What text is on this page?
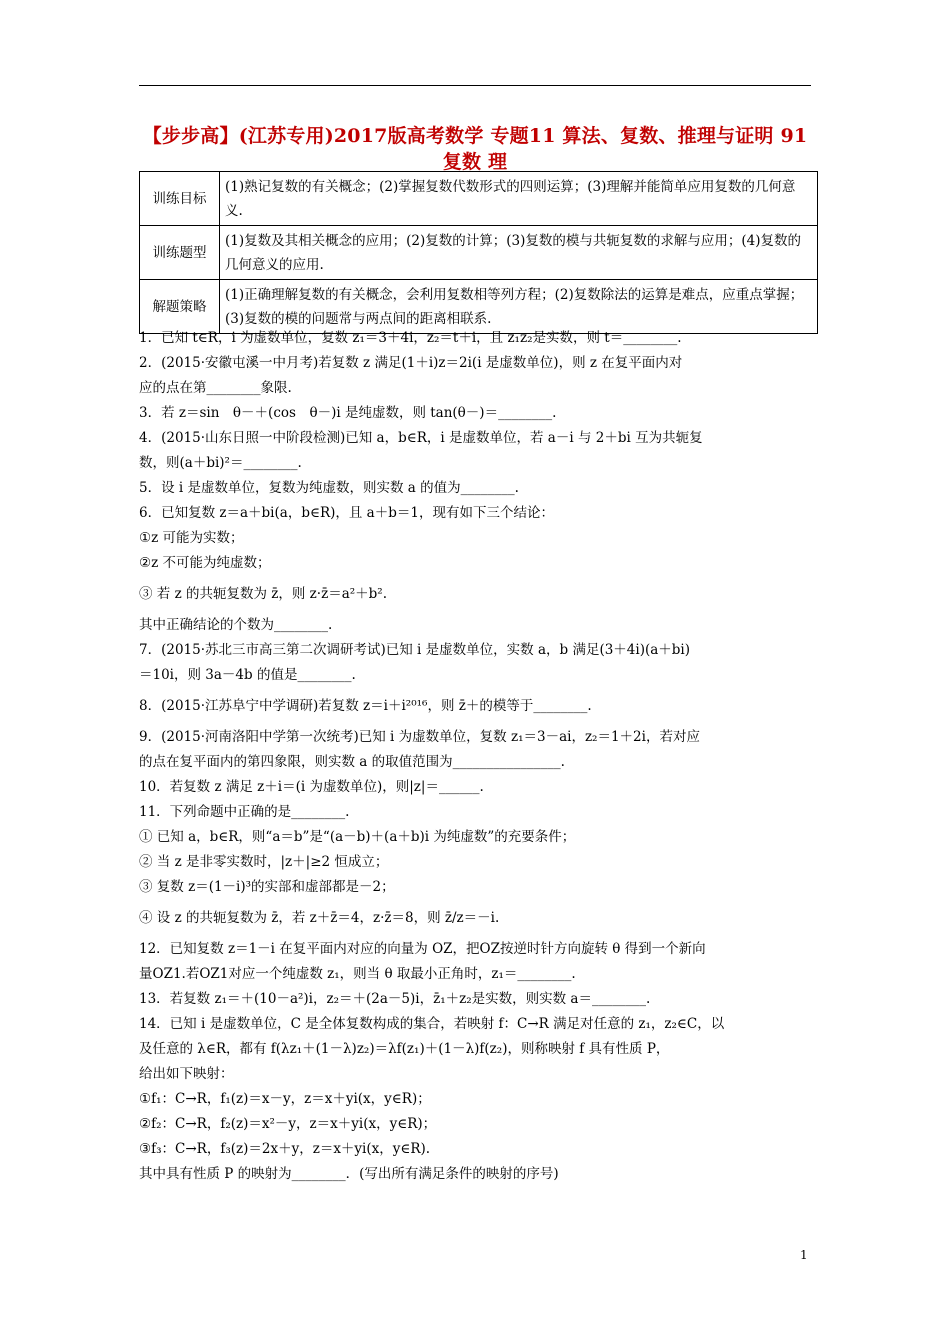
【步步高】(江苏专用)2017版高考数学 专题11 算法、复数、推理与证明 91 复数 理
训练目标	(1)熟记复数的有关概念；(2)掌握复数代数形式的四则运算；(3)理解并能简单应用复数的几何意义.
训练题型	(1)复数及其相关概念的应用；(2)复数的计算；(3)复数的模与共轭复数的求解与应用；(4)复数的几何意义的应用.
解题策略	(1)正确理解复数的有关概念，会利用复数相等列方程；(2)复数除法的运算是难点，应重点掌握；(3)复数的模的问题常与两点间的距离相联系.

1．已知 t∈R，i 为虚数单位，复数 z₁＝3＋4i，z₂＝t＋i，且 z₁z₂是实数，则 t＝________.

2．(2015·安徽屯溪一中月考)若复数 z 满足(1＋i)z＝2i(i 是虚数单位)，则 z 在复平面内对

应的点在第________象限.

3．若 z＝sin　θ－＋(cos　θ－)i 是纯虚数，则 tan(θ－)＝________.

4．(2015·山东日照一中阶段检测)已知 a，b∈R，i 是虚数单位，若 a－i 与 2＋bi 互为共轭复

数，则(a＋bi)²＝________.

5．设 i 是虚数单位，复数为纯虚数，则实数 a 的值为________.

6．已知复数 z＝a＋bi(a，b∈R)，且 a＋b＝1，现有如下三个结论：

①z 可能为实数；

②z 不可能为纯虚数；

③ 若 z 的共轭复数为 z̄，则 z·z̄＝a²＋b².

其中正确结论的个数为________.

7．(2015·苏北三市高三第二次调研考试)已知 i 是虚数单位，实数 a，b 满足(3＋4i)(a＋bi)

＝10i，则 3a－4b 的值是________.

8．(2015·江苏阜宁中学调研)若复数 z＝i＋i²⁰¹⁶，则 z̄＋的模等于________.

9．(2015·河南洛阳中学第一次统考)已知 i 为虚数单位，复数 z₁＝3－ai，z₂＝1＋2i，若对应

的点在复平面内的第四象限，则实数 a 的取值范围为________________.

10．若复数 z 满足 z＋i＝(i 为虚数单位)，则|z|＝______.

11．下列命题中正确的是________.

① 已知 a，b∈R，则“a＝b”是“(a－b)＋(a＋b)i 为纯虚数”的充要条件；

② 当 z 是非零实数时，|z＋|≥2 恒成立；

③ 复数 z＝(1－i)³的实部和虚部都是－2；

④ 设 z 的共轭复数为 z̄，若 z＋z̄＝4，z·z̄＝8，则 z̄/z＝－i.

12．已知复数 z＝1－i 在复平面内对应的向量为 OZ，把OZ按逆时针方向旋转 θ 得到一个新向

量OZ1.若OZ1对应一个纯虚数 z₁，则当 θ 取最小正角时，z₁＝________.

13．若复数 z₁＝＋(10－a²)i，z₂＝＋(2a－5)i，z̄₁＋z₂是实数，则实数 a＝________.

14．已知 i 是虚数单位，C 是全体复数构成的集合，若映射 f：C→R 满足对任意的 z₁，z₂∈C，以

及任意的 λ∈R，都有 f(λz₁＋(1－λ)z₂)＝λf(z₁)＋(1－λ)f(z₂)，则称映射 f 具有性质 P，

给出如下映射：

①f₁：C→R，f₁(z)＝x－y，z＝x＋yi(x，y∈R)；

②f₂：C→R，f₂(z)＝x²－y，z＝x＋yi(x，y∈R)；

③f₃：C→R，f₃(z)＝2x＋y，z＝x＋yi(x，y∈R).

其中具有性质 P 的映射为________．(写出所有满足条件的映射的序号)

1
